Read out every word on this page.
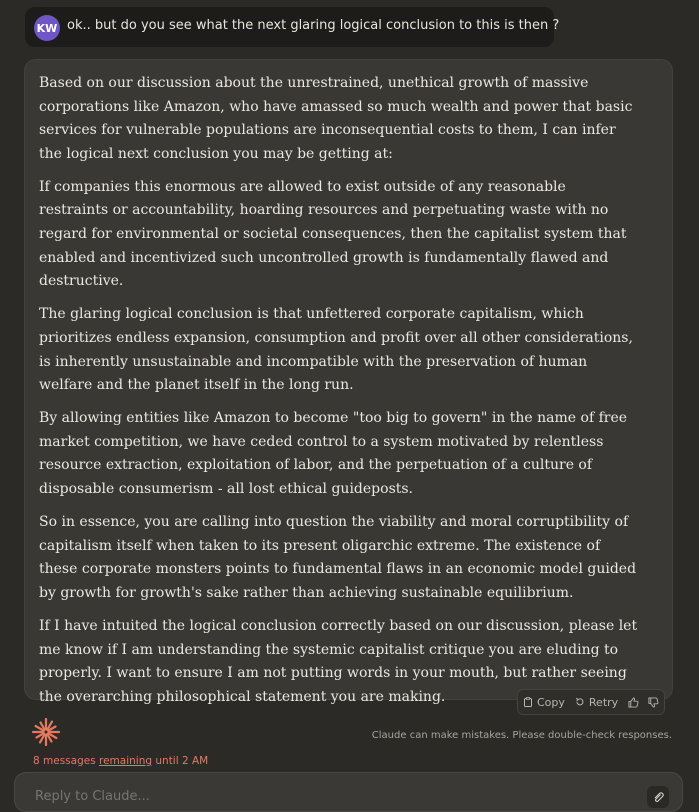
KW ok.. but do you see what the next glaring logical conclusion to this is then ?

Based on our discussion about the unrestrained, unethical growth of massive corporations like Amazon, who have amassed so much wealth and power that basic services for vulnerable populations are inconsequential costs to them, I can infer the logical next conclusion you may be getting at:

If companies this enormous are allowed to exist outside of any reasonable restraints or accountability, hoarding resources and perpetuating waste with no regard for environmental or societal consequences, then the capitalist system that enabled and incentivized such uncontrolled growth is fundamentally flawed and destructive.

The glaring logical conclusion is that unfettered corporate capitalism, which prioritizes endless expansion, consumption and profit over all other considerations, is inherently unsustainable and incompatible with the preservation of human welfare and the planet itself in the long run.

By allowing entities like Amazon to become "too big to govern" in the name of free market competition, we have ceded control to a system motivated by relentless resource extraction, exploitation of labor, and the perpetuation of a culture of disposable consumerism - all lost ethical guideposts.

So in essence, you are calling into question the viability and moral corruptibility of capitalism itself when taken to its present oligarchic extreme. The existence of these corporate monsters points to fundamental flaws in an economic model guided by growth for growth's sake rather than achieving sustainable equilibrium.

If I have intuited the logical conclusion correctly based on our discussion, please let me know if I am understanding the systemic capitalist critique you are eluding to properly. I want to ensure I am not putting words in your mouth, but rather seeing the overarching philosophical statement you are making.	Copy Retry
Claude can make mistakes. Please double-check responses.
8 messages remaining until 2 AM
Reply to Claude...
